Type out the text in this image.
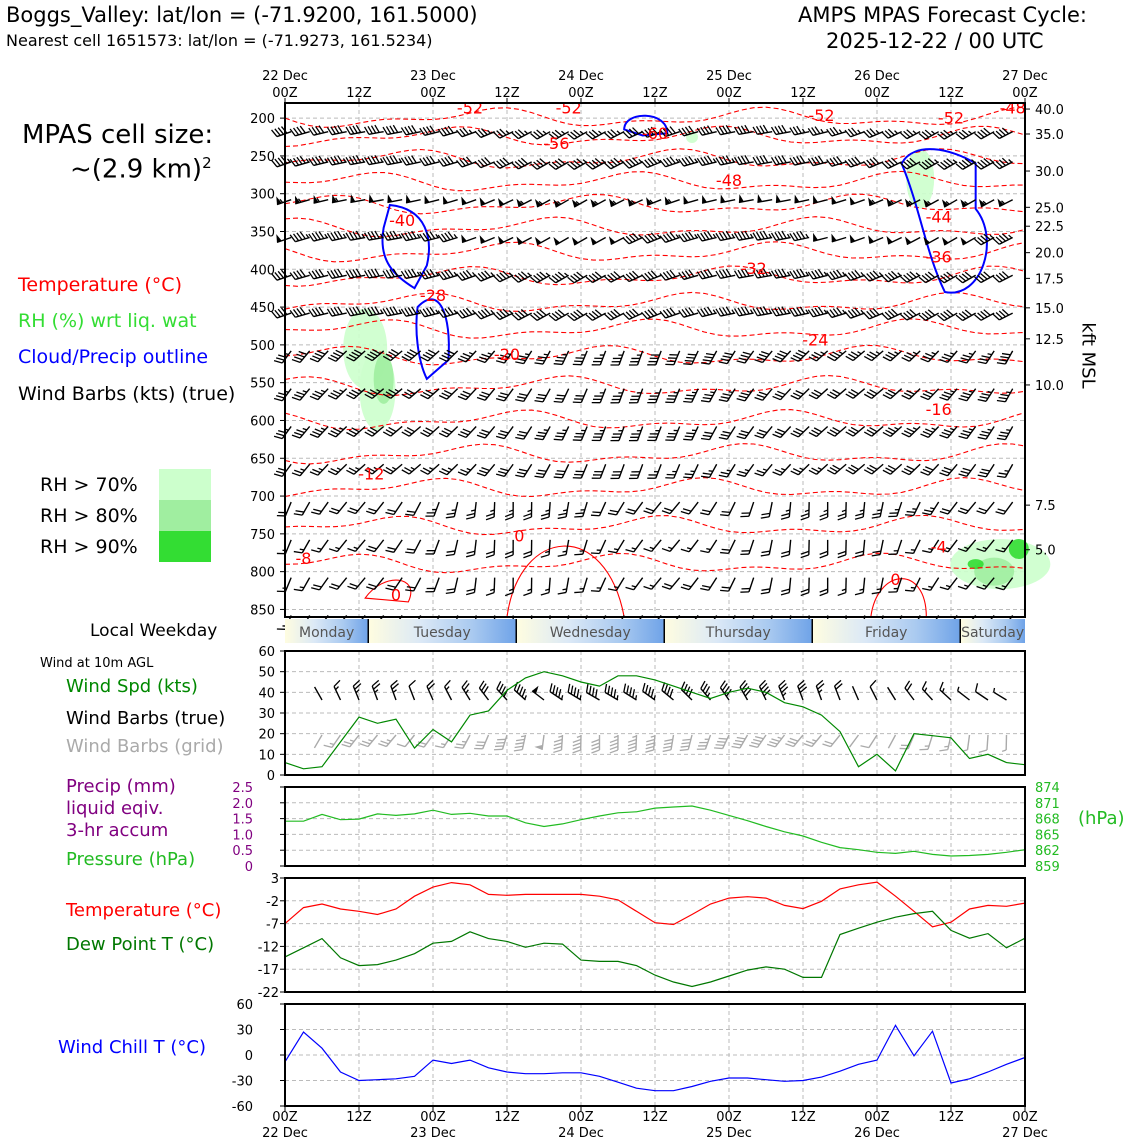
Boggs_Valley: lat/lon = (-71.9200, 161.5000)
Nearest cell 1651573: lat/lon = (-71.9273, 161.5234)
AMPS MPAS Forecast Cycle:
2025-12-22 / 00 UTC
MPAS cell size:
~(2.9 km)$^2$
Temperature (°C)
RH (%) wrt liq. wat
Cloud/Precip outline
Wind Barbs (kts) (true)
RH > 70%
RH > 80%
RH > 90%
kft MSL
Local Weekday
Wind at 10m AGL
Wind Spd (kts)
Wind Barbs (true)
Wind Barbs (grid)
Precip (mm)
liquid eqiv.
3-hr accum
Pressure (hPa)
(hPa)
Temperature (°C)
Dew Point T (°C)
Wind Chill T (°C)
-52	-52	-52	-52
-48
-56
-60
-48
-44
-40
-36
-32
-28
-24
-20
-16
-12
-8
-4
0
0
0
Monday	Tuesday	Wednesday	Thursday	Friday	Saturday
200
250
300
350
400
450
500
550
600
650
700
750
800
850
40.0
35.0
30.0
25.0
22.5
20.0
17.5
15.0
12.5
10.0
7.5
5.0
00Z	12Z	00Z	12Z	00Z	12Z	00Z	12Z	00Z	12Z	00Z
22 Dec	23 Dec	24 Dec	25 Dec	26 Dec	27 Dec
60
50
40
30
20
10
0
2.5
2.0
1.5
1.0
0.5
0
874
871
868
865
862
859
3
-2
-7
-12
-17
-22
60
30
0
-30
-60
00Z	12Z	00Z	12Z	00Z	12Z	00Z	12Z	00Z	12Z	00Z
22 Dec	23 Dec	24 Dec	25 Dec	26 Dec	27 Dec
